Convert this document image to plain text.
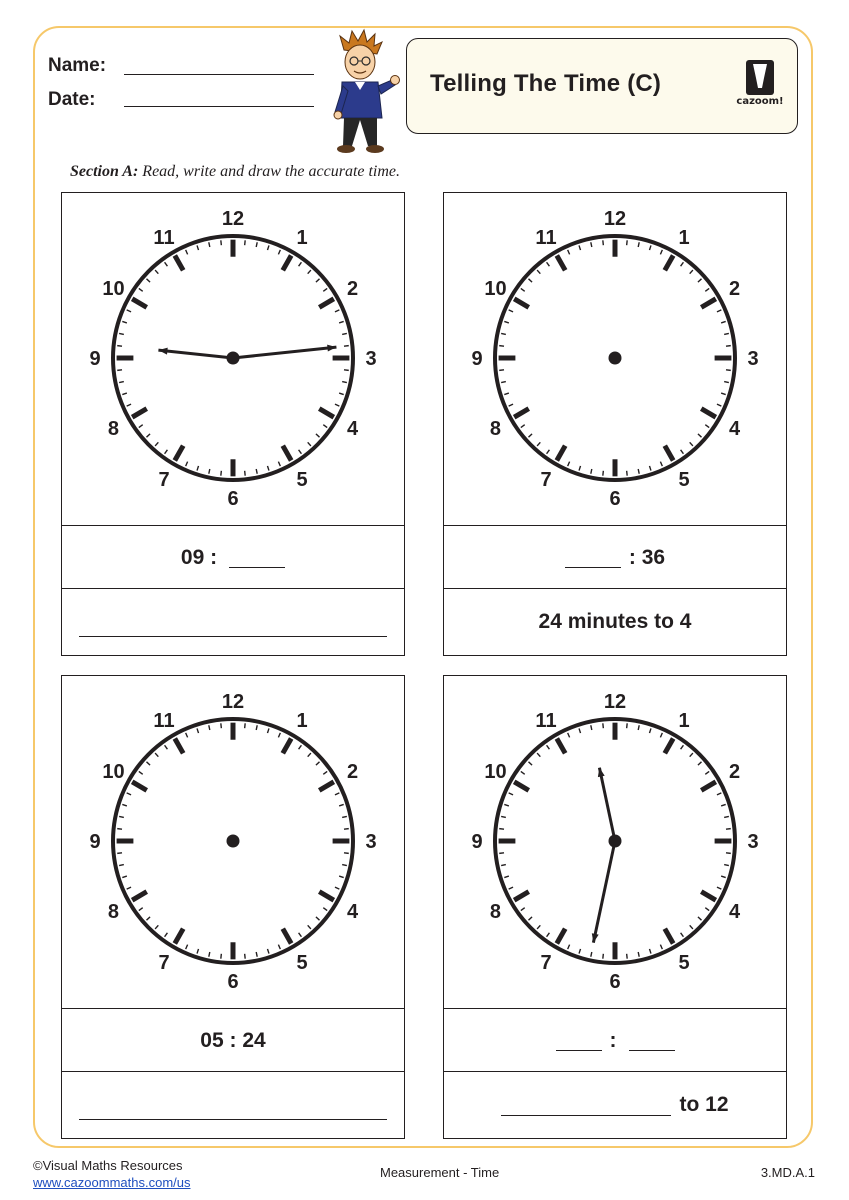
Name:
Date:
Telling The Time (C)
cazoom!
Section A: Read, write and draw the accurate time.
12
1
2
3
4
5
6
7
8
9
10
11
09 :
12
1
2
3
4
5
6
7
8
9
10
11
: 36
24 minutes to 4
12
1
2
3
4
5
6
7
8
9
10
11
05 : 24
12
1
2
3
4
5
6
7
8
9
10
11
:
to 12
©Visual Maths Resources
www.cazoommaths.com/us
Measurement - Time	3.MD.A.1
